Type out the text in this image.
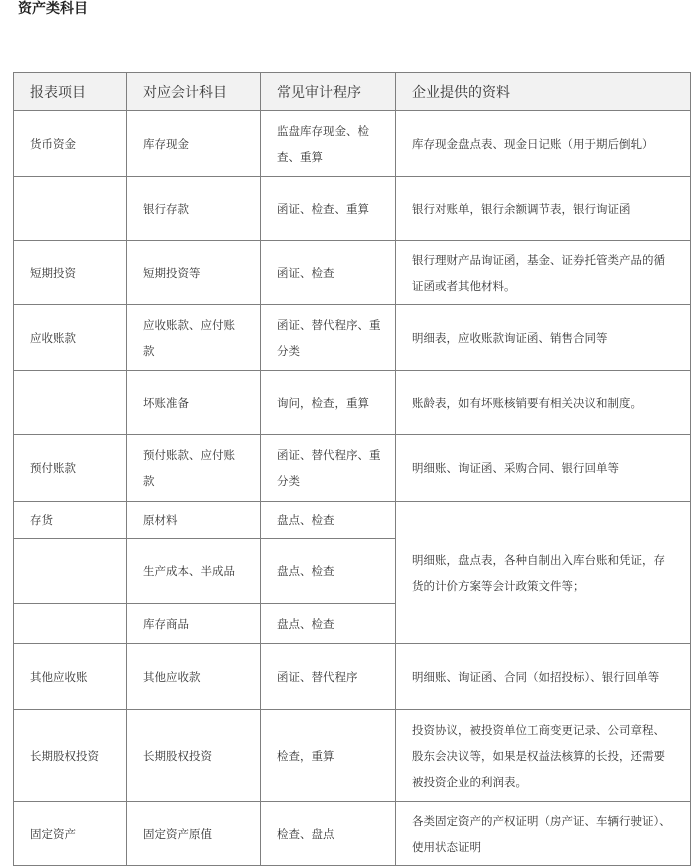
资产类科目
报表项目	对应会计科目	常见审计程序	企业提供的资料
货币资金	库存现金	监盘库存现金、检查、重算	库存现金盘点表、现金日记账（用于期后倒轧）
	银行存款	函证、检查、重算	银行对账单，银行余额调节表，银行询证函
短期投资	短期投资等	函证、检查	银行理财产品询证函，基金、证券托管类产品的循证函或者其他材料。
应收账款	应收账款、应付账款	函证、替代程序、重分类	明细表，应收账款询证函、销售合同等
	坏账准备	询问，检查，重算	账龄表，如有坏账核销要有相关决议和制度。
预付账款	预付账款、应付账款	函证、替代程序、重分类	明细账、询证函、采购合同、银行回单等
存货	原材料	盘点、检查	明细账，盘点表，各种自制出入库台账和凭证，存货的计价方案等会计政策文件等；
	生产成本、半成品	盘点、检查	
	库存商品	盘点、检查	
其他应收账	其他应收款	函证、替代程序	明细账、询证函、合同（如招投标）、银行回单等
长期股权投资	长期股权投资	检查，重算	投资协议，被投资单位工商变更记录、公司章程、股东会决议等，如果是权益法核算的长投，还需要被投资企业的利润表。
固定资产	固定资产原值	检查、盘点	各类固定资产的产权证明（房产证、车辆行驶证）、使用状态证明
